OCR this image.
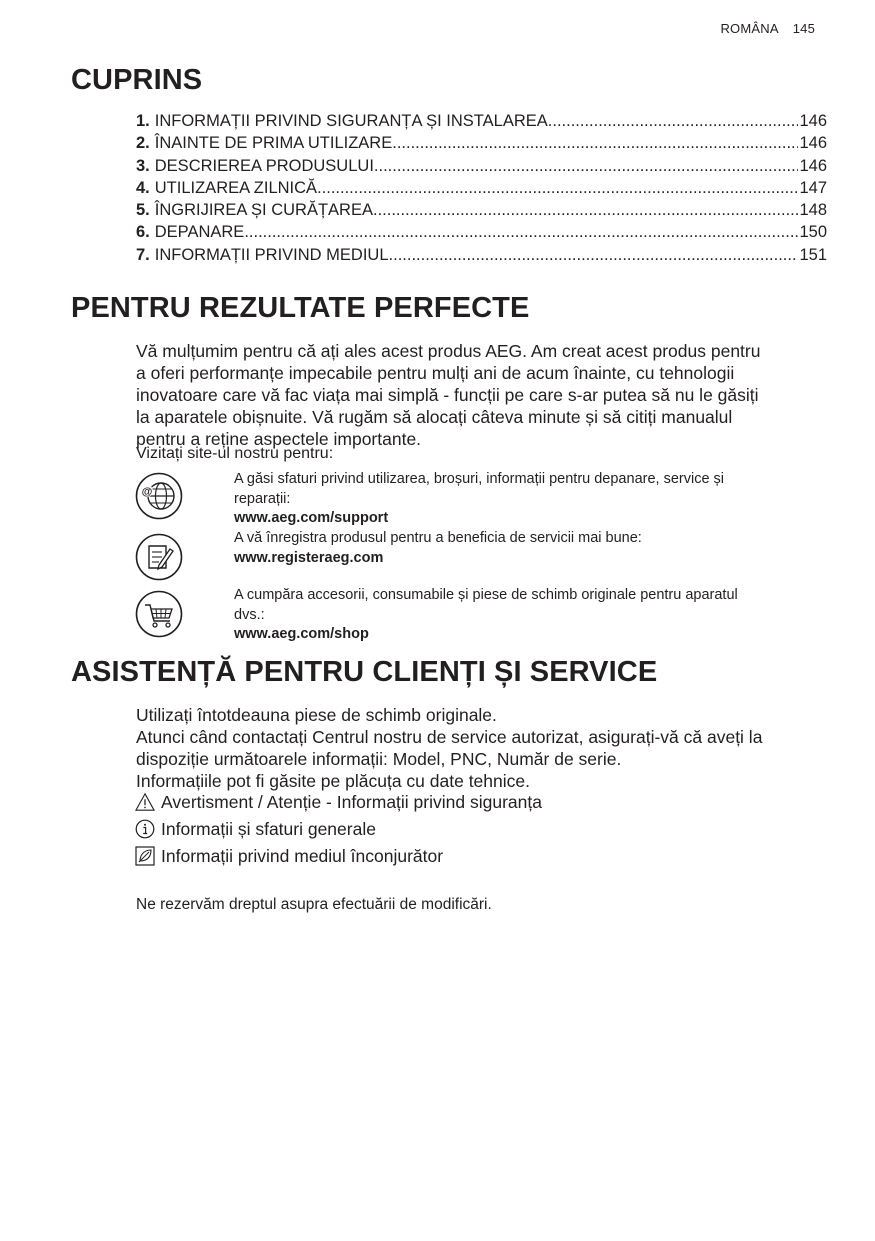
ROMÂNA 145
CUPRINS
1. INFORMAȚII PRIVIND SIGURANȚA ȘI INSTALAREA .....	146
2. ÎNAINTE DE PRIMA UTILIZARE .....	146
3. DESCRIEREA PRODUSULUI .....	146
4. UTILIZAREA ZILNICĂ .....	147
5. ÎNGRIJIREA ȘI CURĂȚAREA .....	148
6. DEPANARE .....	150
7. INFORMAȚII PRIVIND MEDIUL .....	151
PENTRU REZULTATE PERFECTE

Vă mulțumim pentru că ați ales acest produs AEG. Am creat acest produs pentru

a oferi performanțe impecabile pentru mulți ani de acum înainte, cu tehnologii

inovatoare care vă fac viața mai simplă - funcții pe care s-ar putea să nu le găsiți

la aparatele obișnuite. Vă rugăm să alocați câteva minute și să citiți manualul

pentru a reține aspectele importante.

Vizitați site-ul nostru pentru:
@
A găsi sfaturi privind utilizarea, broșuri, informații pentru depanare, service și
reparații:
www.aeg.com/support
A vă înregistra produsul pentru a beneficia de servicii mai bune:
www.registeraeg.com
A cumpăra accesorii, consumabile și piese de schimb originale pentru aparatul
dvs.:
www.aeg.com/shop
ASISTENȚĂ PENTRU CLIENȚI ȘI SERVICE

Utilizați întotdeauna piese de schimb originale.

Atunci când contactați Centrul nostru de service autorizat, asigurați-vă că aveți la

dispoziție următoarele informații: Model, PNC, Număr de serie.

Informațiile pot fi găsite pe plăcuța cu date tehnice.

Avertisment / Atenție - Informații privind siguranța
Informații și sfaturi generale
Informații privind mediul înconjurător
Ne rezervăm dreptul asupra efectuării de modificări.
